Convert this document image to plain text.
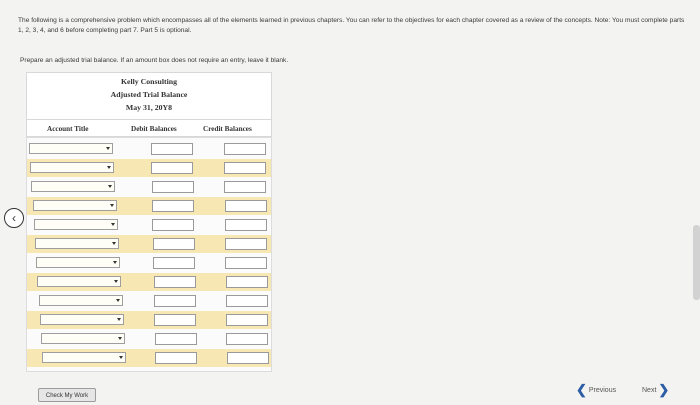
The following is a comprehensive problem which encompasses all of the elements learned in previous chapters. You can refer to the objectives for each chapter covered as a review of the concepts. Note: You must complete parts 1, 2, 3, 4, and 6 before completing part 7. Part 5 is optional.
Prepare an adjusted trial balance. If an amount box does not require an entry, leave it blank.
Kelly Consulting
Adjusted Trial Balance
May 31, 20Y8
Account Title	Debit Balances	Credit Balances
‹
Check My Work	❮ Previous	Next ❯
